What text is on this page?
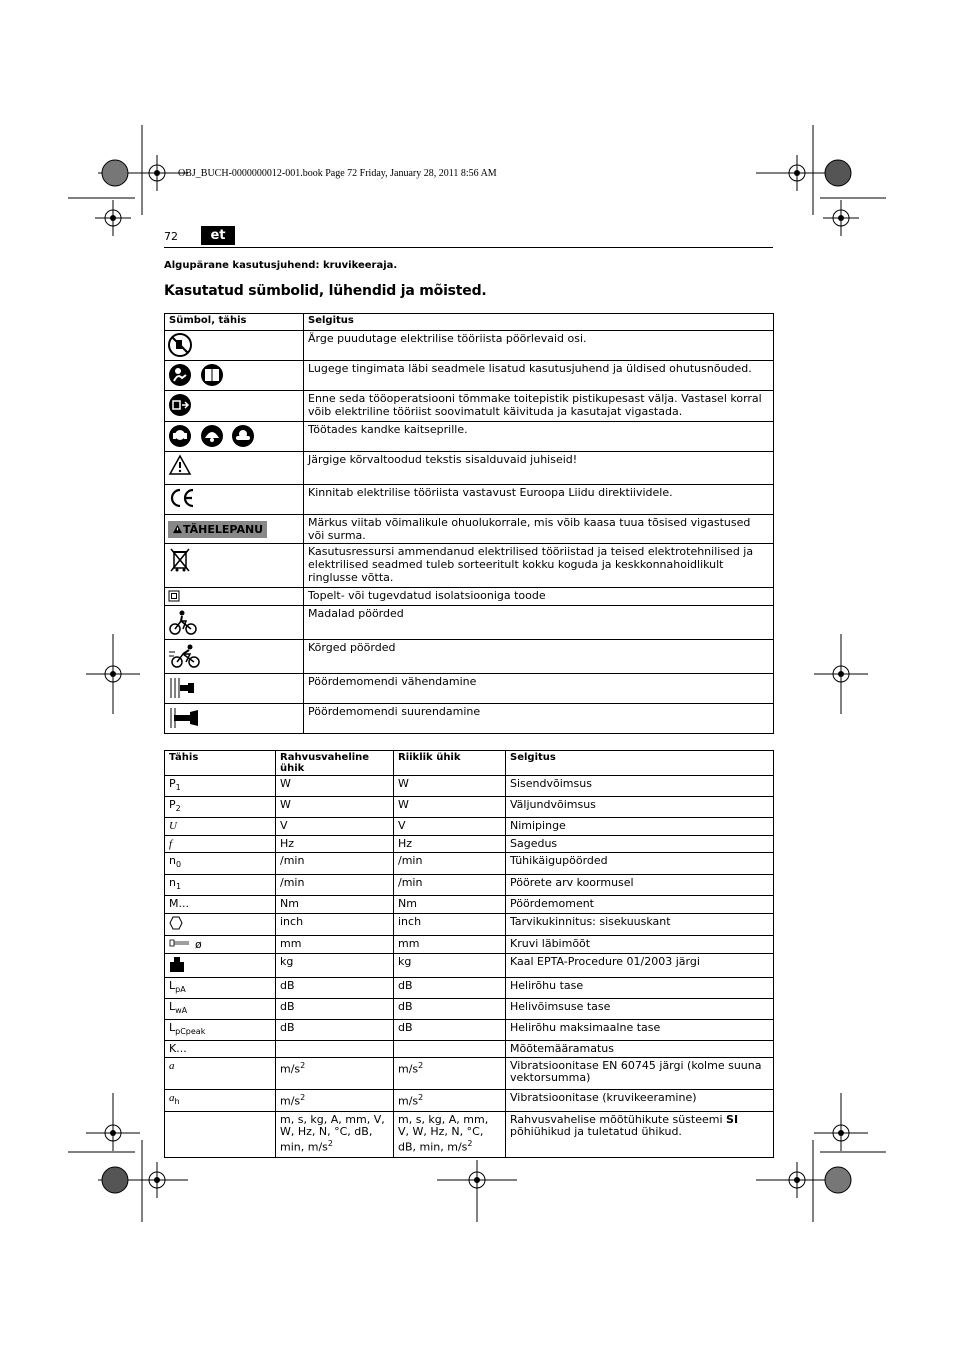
OBJ_BUCH-0000000012-001.book Page 72 Friday, January 28, 2011 8:56 AM
72	et
Algupärane kasutusjuhend: kruvikeeraja.
Kasutatud sümbolid, lühendid ja mõisted.
Sümbol, tähis	Selgitus
	Ärge puudutage elektrilise tööriista pöörlevaid osi.
	Lugege tingimata läbi seadmele lisatud kasutusjuhend ja üldised ohutusnõuded.
	Enne seda tööoperatsiooni tõmmake toitepistik pistikupesast välja. Vastasel korral võib elektriline tööriist soovimatult käivituda ja kasutajat vigastada.
	Töötades kandke kaitseprille.
	Järgige kõrvaltoodud tekstis sisalduvaid juhiseid!
	Kinnitab elektrilise tööriista vastavust Euroopa Liidu direktiividele.
TÄHELEPANU	Märkus viitab võimalikule ohuolukorrale, mis võib kaasa tuua tõsised vigastused või surma.
	Kasutusressursi ammendanud elektrilised tööriistad ja teised elektrotehnilised ja elektrilised seadmed tuleb sorteeritult kokku koguda ja keskkonnahoidlikult ringlusse võtta.
	Topelt- või tugevdatud isolatsiooniga toode
	Madalad pöörded
	Kõrged pöörded
	Pöördemomendi vähendamine
	Pöördemomendi suurendamine
Tähis	Rahvusvaheline ühik	Riiklik ühik	Selgitus
$P_1$	W	W	Sisendvõimsus
$P_2$	W	W	Väljundvõimsus
U	V	V	Nimipinge
f	Hz	Hz	Sagedus
$n_0$	/min	/min	Tühikäigupöörded
$n_1$	/min	/min	Pöörete arv koormusel
M...	Nm	Nm	Pöördemoment
	inch	inch	Tarvikukinnitus: sisekuuskant
ø	mm	mm	Kruvi läbimõõt
	kg	kg	Kaal EPTA-Procedure 01/2003 järgi
$L_{pA}$	dB	dB	Helirõhu tase
$L_{wA}$	dB	dB	Helivõimsuse tase
$L_{pCpeak}$	dB	dB	Helirõhu maksimaalne tase
K...			Mõõtemääramatus
a	$m/s^2$	$m/s^2$	Vibratsioonitase EN 60745 järgi (kolme suuna vektorsumma)
$a_h$	$m/s^2$	$m/s^2$	Vibratsioonitase (kruvikeeramine)
	m, s, kg, A, mm, V, W, Hz, N, °C, dB, min, $m/s^2$	m, s, kg, A, mm, V, W, Hz, N, °C, dB, min, $m/s^2$	Rahvusvahelise mõõtühikute süsteemi SI põhiühikud ja tuletatud ühikud.
